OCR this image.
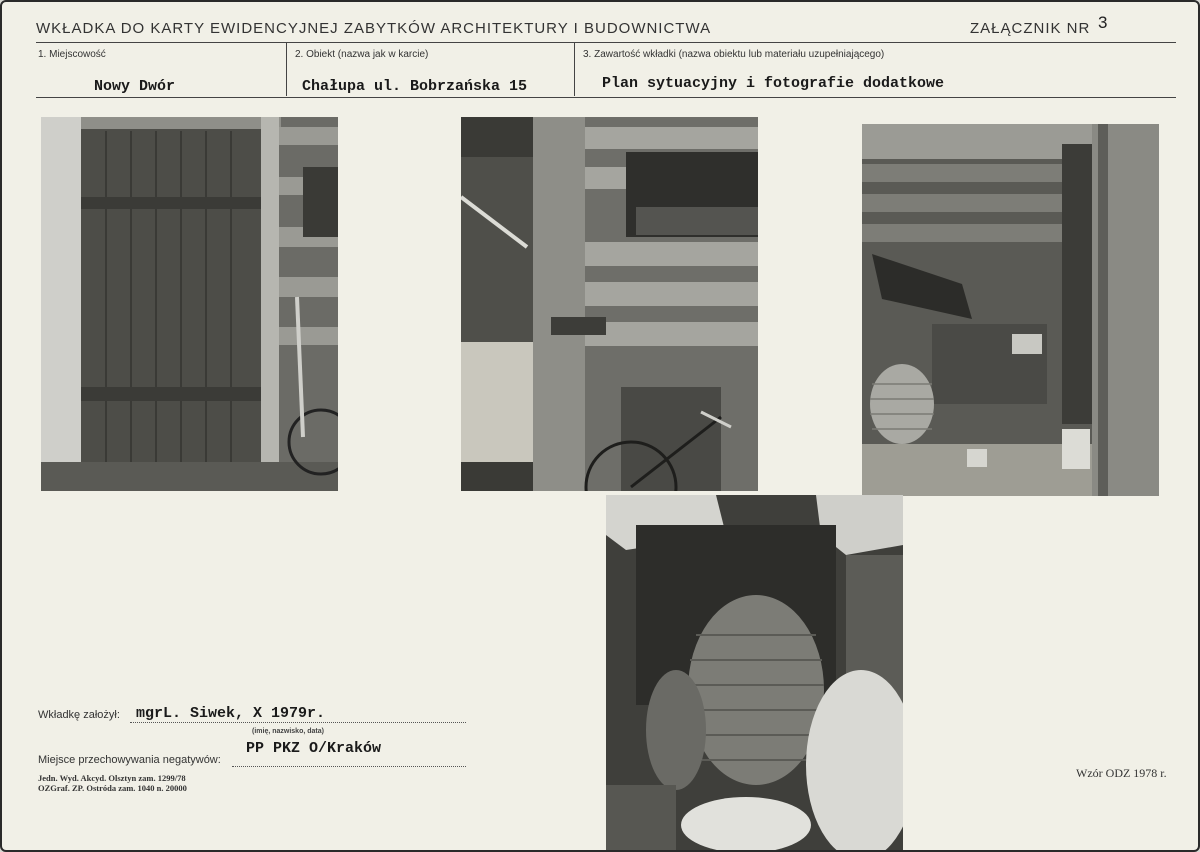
WKŁADKA DO KARTY EWIDENCYJNEJ ZABYTKÓW ARCHITEKTURY I BUDOWNICTWA	ZAŁĄCZNIK NR 3
1. Miejscowość	2. Obiekt (nazwa jak w karcie)	3. Zawartość wkładki (nazwa obiektu lub materiału uzupełniającego)
Nowy Dwór	Chałupa ul. Bobrzańska 15	Plan sytuacyjny i fotografie dodatkowe
Wkładkę założył: mgrL. Siwek, X 1979r.
(imię, nazwisko, data)
Miejsce przechowywania negatywów:
PP PKZ O/Kraków
Jedn. Wyd. Akcyd. Olsztyn zam. 1299/78
OZGraf. ZP. Ostróda zam. 1040 n. 20000
Wzór ODZ 1978 r.
